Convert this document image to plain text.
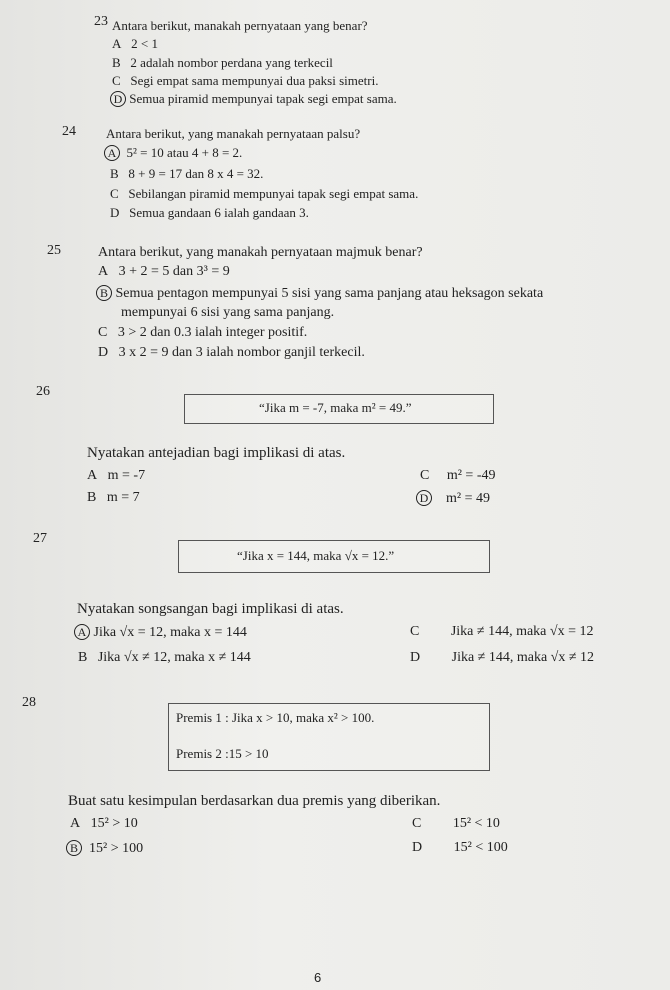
23 Antara berikut, manakah pernyataan yang benar?
A 2 < 1
B 2 adalah nombor perdana yang terkecil
C Segi empat sama mempunyai dua paksi simetri.
D Semua piramid mempunyai tapak segi empat sama.
24 Antara berikut, yang manakah pernyataan palsu?
A 5² = 10 atau 4 + 8 = 2.
B 8 + 9 = 17 dan 8 x 4 = 32.
C Sebilangan piramid mempunyai tapak segi empat sama.
D Semua gandaan 6 ialah gandaan 3.
25	Antara berikut, yang manakah pernyataan majmuk benar?
A 3 + 2 = 5 dan 3³ = 9
B Semua pentagon mempunyai 5 sisi yang sama panjang atau heksagon sekata
mempunyai 6 sisi yang sama panjang.
C 3 > 2 dan 0.3 ialah integer positif.
D 3 x 2 = 9 dan 3 ialah nombor ganjil terkecil.
26
“Jika m = -7, maka m² = 49.”
Nyatakan antejadian bagi implikasi di atas.
A m = -7
B m = 7
C m² = -49
D m² = 49
27
“Jika x = 144, maka √x = 12.”
Nyatakan songsangan bagi implikasi di atas.
A Jika √x = 12, maka x = 144
B Jika √x ≠ 12, maka x ≠ 144
C Jika ≠ 144, maka √x = 12
D Jika ≠ 144, maka √x ≠ 12
28
Premis 1 : Jika x > 10, maka x² > 100.
Premis 2 :15 > 10
Buat satu kesimpulan berdasarkan dua premis yang diberikan.
A 15² > 10
B 15² > 100
C 15² < 10
D 15² < 100
6
